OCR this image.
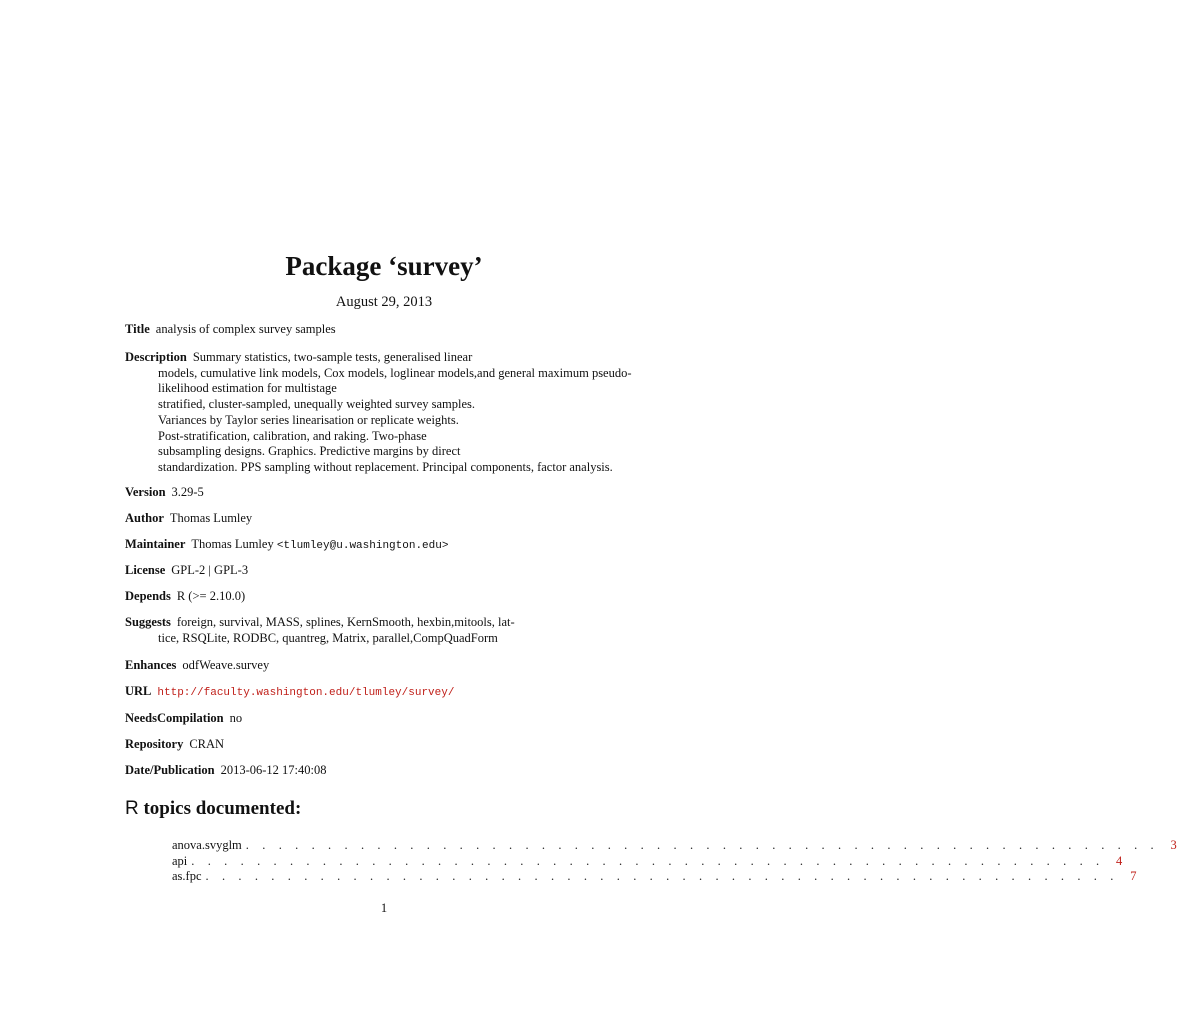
Package ‘survey’
August 29, 2013
Title analysis of complex survey samples
Description Summary statistics, two-sample tests, generalised linear
models, cumulative link models, Cox models, loglinear models,and general maximum pseudo-
likelihood estimation for multistage
stratified, cluster-sampled, unequally weighted survey samples.
Variances by Taylor series linearisation or replicate weights.
Post-stratification, calibration, and raking. Two-phase
subsampling designs. Graphics. Predictive margins by direct
standardization. PPS sampling without replacement. Principal components, factor analysis.
Version 3.29-5
Author Thomas Lumley
Maintainer Thomas Lumley <tlumley@u.washington.edu>
License GPL-2 | GPL-3
Depends R (>= 2.10.0)
Suggests foreign, survival, MASS, splines, KernSmooth, hexbin,mitools, lat-
tice, RSQLite, RODBC, quantreg, Matrix, parallel,CompQuadForm
Enhances odfWeave.survey
URL http://faculty.washington.edu/tlumley/survey/
NeedsCompilation no
Repository CRAN
Date/Publication 2013-06-12 17:40:08
R topics documented:
anova.svyglm . . . . . . . . . . . . . . . . . . . . . . . . . . . . . . . . . . . . . . . . . . . . . . . . . . . . . . . . 3
api . . . . . . . . . . . . . . . . . . . . . . . . . . . . . . . . . . . . . . . . . . . . . . . . . . . . . . . . 4
as.fpc . . . . . . . . . . . . . . . . . . . . . . . . . . . . . . . . . . . . . . . . . . . . . . . . . . . . . . . . 7
1
